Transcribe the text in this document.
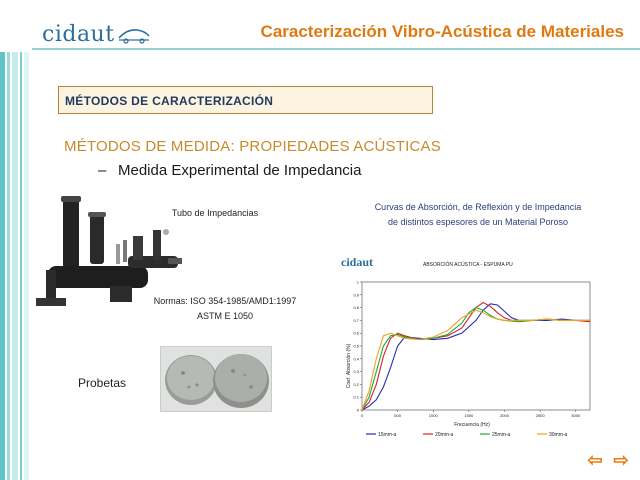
cidaut	Caracterización Vibro-Acústica de Materiales
MÉTODOS DE CARACTERIZACIÓN
MÉTODOS DE MEDIDA: PROPIEDADES ACÚSTICAS
– Medida Experimental de Impedancia
Tubo de Impedancias
Normas: ISO 354-1985/AMD1:1997
ASTM E 1050
Probetas
Curvas de Absorción, de Reflexión y de Impedancia
de distintos espesores de un Material Poroso
cidaut	ABSORCIÓN ACÚSTICA - ESPUMA PU
Coef. Absorción (%)
Frecuencia (Hz)
0
0.1
0.2
0.3
0.4
0.5
0.6
0.7
0.8
0.9
1
0	500	1000	1500	2000	2500	3000
15mm-a	20mm-a	25mm-a	30mm-a
⇦ ⇨
